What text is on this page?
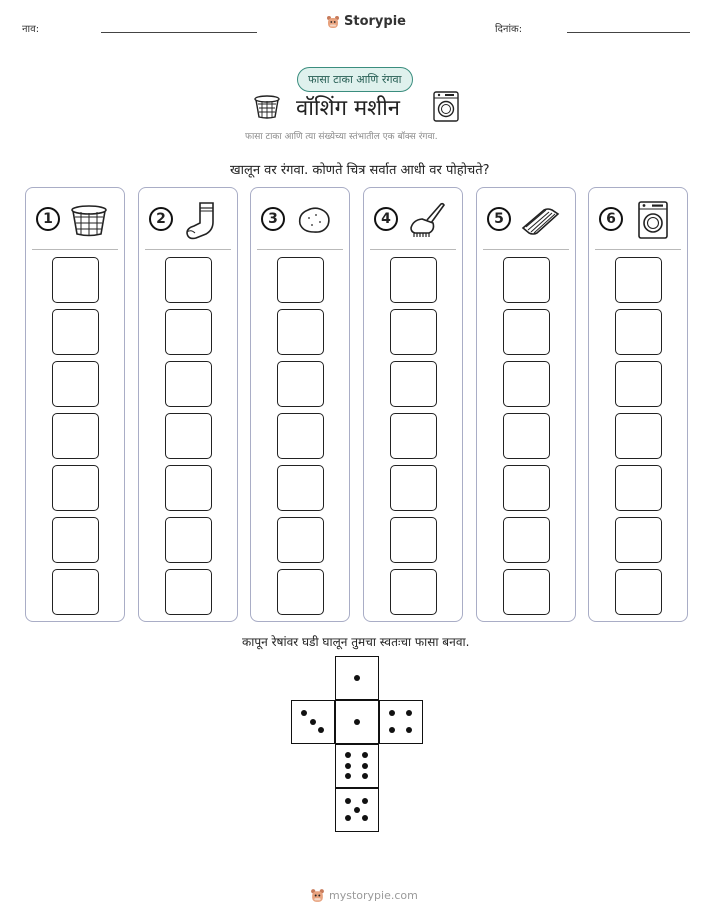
नाव:
Storypie
दिनांक:
फासा टाका आणि रंगवा
वॉशिंग मशीन
फासा टाका आणि त्या संख्येच्या स्तंभातील एक बॉक्स रंगवा.
खालून वर रंगवा. कोणते चित्र सर्वात आधी वर पोहोचते?
1	2	3	4	5	6
कापून रेषांवर घडी घालून तुमचा स्वतःचा फासा बनवा.
mystorypie.com
